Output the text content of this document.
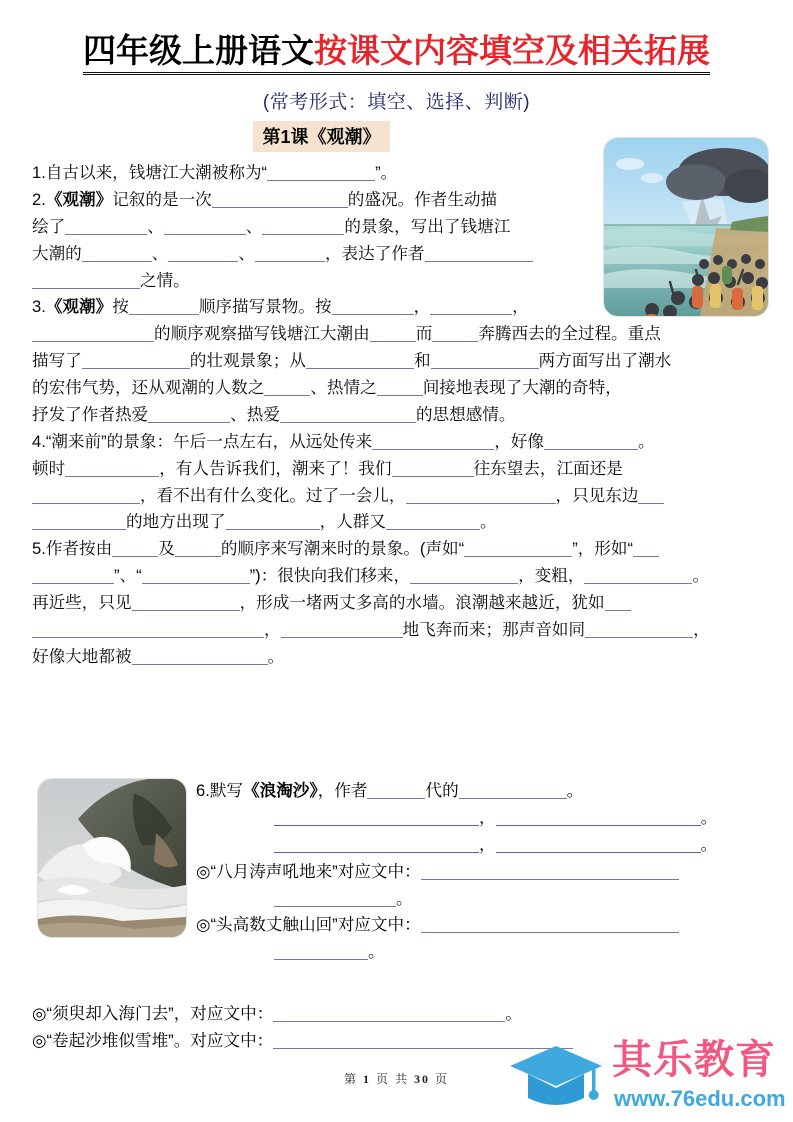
四年级上册语文按课文内容填空及相关拓展
(常考形式：填空、选择、判断)
第1课《观潮》
1.自古以来，钱塘江大潮被称为“	”。
2.《观潮》记叙的是一次	的盛况。作者生动描
绘了	、	、	的景象，写出了钱塘江
大潮的	、	、	，表达了作者
之情。
3.《观潮》按	顺序描写景物。按	，	，
的顺序观察描写钱塘江大潮由	而	奔腾西去的全过程。重点
描写了	的壮观景象；从	和	两方面写出了潮水
的宏伟气势，还从观潮的人数之	、热情之	间接地表现了大潮的奇特，
抒发了作者热爱	、热爱	的思想感情。
4.“潮来前”的景象：午后一点左右，从远处传来	，好像	。
顿时	，有人告诉我们，潮来了！我们	往东望去，江面还是
，看不出有什么变化。过了一会儿，	，只见东边
的地方出现了	，人群又	。
5.作者按由	及	的顺序来写潮来时的景象。(声如“	”，形如“
”、“	”)：很快向我们移来，	，变粗，	。
再近些，只见	，形成一堵两丈多高的水墙。浪潮越来越近，犹如
，	地飞奔而来；那声音如同	，
好像大地都被	。
6.默写《浪淘沙》，作者	代的	。
，	。
，	。
◎“八月涛声吼地来”对应文中：
。
◎“头高数丈触山回”对应文中：
。
◎“须臾却入海门去”，对应文中：	。
◎“卷起沙堆似雪堆”。对应文中：
第 1 页 共 30 页	其乐教育
www.76edu.com
